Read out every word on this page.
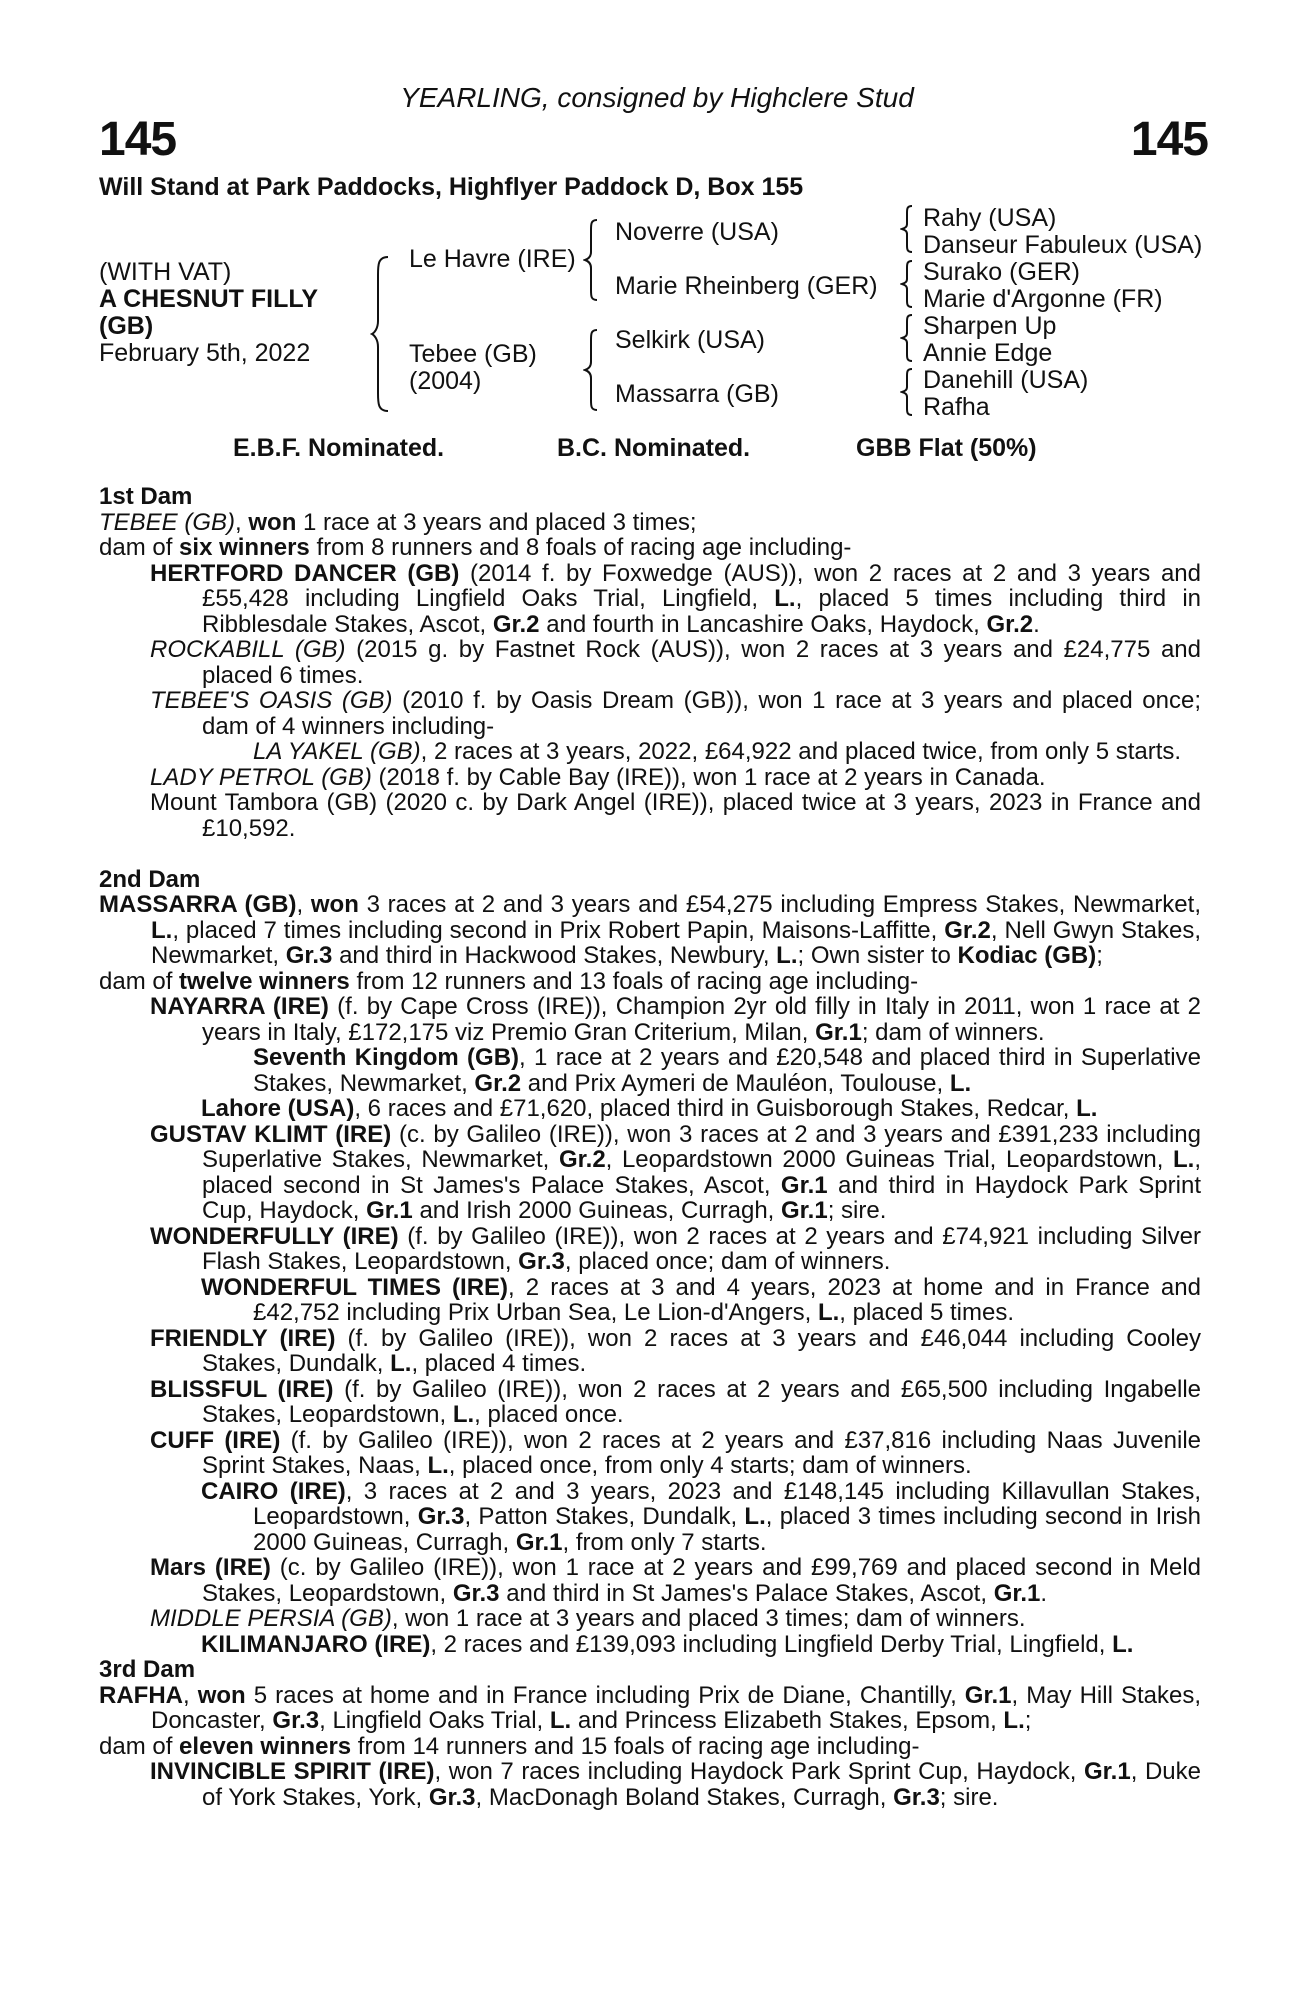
YEARLING, consigned by Highclere Stud
145	145
Will Stand at Park Paddocks, Highflyer Paddock D, Box 155
(WITH VAT)
A CHESNUT FILLY
(GB)
February 5th, 2022
Le Havre (IRE)
Tebee (GB)
(2004)
Noverre (USA)
Marie Rheinberg (GER)
Selkirk (USA)
Massarra (GB)
Rahy (USA)
Danseur Fabuleux (USA)
Surako (GER)
Marie d'Argonne (FR)
Sharpen Up
Annie Edge
Danehill (USA)
Rafha
E.B.F. Nominated.	B.C. Nominated.	GBB Flat (50%)
1st Dam

TEBEE (GB), won 1 race at 3 years and placed 3 times;

dam of six winners from 8 runners and 8 foals of racing age including-

HERTFORD DANCER (GB) (2014 f. by Foxwedge (AUS)), won 2 races at 2 and 3 years and £55,428 including Lingfield Oaks Trial, Lingfield, L., placed 5 times including third in Ribblesdale Stakes, Ascot, Gr.2 and fourth in Lancashire Oaks, Haydock, Gr.2.

ROCKABILL (GB) (2015 g. by Fastnet Rock (AUS)), won 2 races at 3 years and £24,775 and placed 6 times.

TEBEE'S OASIS (GB) (2010 f. by Oasis Dream (GB)), won 1 race at 3 years and placed once; dam of 4 winners including-

LA YAKEL (GB), 2 races at 3 years, 2022, £64,922 and placed twice, from only 5 starts.

LADY PETROL (GB) (2018 f. by Cable Bay (IRE)), won 1 race at 2 years in Canada.

Mount Tambora (GB) (2020 c. by Dark Angel (IRE)), placed twice at 3 years, 2023 in France and £10,592.

2nd Dam

MASSARRA (GB), won 3 races at 2 and 3 years and £54,275 including Empress Stakes, Newmarket, L., placed 7 times including second in Prix Robert Papin, Maisons-Laffitte, Gr.2, Nell Gwyn Stakes, Newmarket, Gr.3 and third in Hackwood Stakes, Newbury, L.; Own sister to Kodiac (GB);

dam of twelve winners from 12 runners and 13 foals of racing age including-

NAYARRA (IRE) (f. by Cape Cross (IRE)), Champion 2yr old filly in Italy in 2011, won 1 race at 2 years in Italy, £172,175 viz Premio Gran Criterium, Milan, Gr.1; dam of winners.

Seventh Kingdom (GB), 1 race at 2 years and £20,548 and placed third in Superlative Stakes, Newmarket, Gr.2 and Prix Aymeri de Mauléon, Toulouse, L.

Lahore (USA), 6 races and £71,620, placed third in Guisborough Stakes, Redcar, L.

GUSTAV KLIMT (IRE) (c. by Galileo (IRE)), won 3 races at 2 and 3 years and £391,233 including Superlative Stakes, Newmarket, Gr.2, Leopardstown 2000 Guineas Trial, Leopardstown, L., placed second in St James's Palace Stakes, Ascot, Gr.1 and third in Haydock Park Sprint Cup, Haydock, Gr.1 and Irish 2000 Guineas, Curragh, Gr.1; sire.

WONDERFULLY (IRE) (f. by Galileo (IRE)), won 2 races at 2 years and £74,921 including Silver Flash Stakes, Leopardstown, Gr.3, placed once; dam of winners.

WONDERFUL TIMES (IRE), 2 races at 3 and 4 years, 2023 at home and in France and £42,752 including Prix Urban Sea, Le Lion-d'Angers, L., placed 5 times.

FRIENDLY (IRE) (f. by Galileo (IRE)), won 2 races at 3 years and £46,044 including Cooley Stakes, Dundalk, L., placed 4 times.

BLISSFUL (IRE) (f. by Galileo (IRE)), won 2 races at 2 years and £65,500 including Ingabelle Stakes, Leopardstown, L., placed once.

CUFF (IRE) (f. by Galileo (IRE)), won 2 races at 2 years and £37,816 including Naas Juvenile Sprint Stakes, Naas, L., placed once, from only 4 starts; dam of winners.

CAIRO (IRE), 3 races at 2 and 3 years, 2023 and £148,145 including Killavullan Stakes, Leopardstown, Gr.3, Patton Stakes, Dundalk, L., placed 3 times including second in Irish 2000 Guineas, Curragh, Gr.1, from only 7 starts.

Mars (IRE) (c. by Galileo (IRE)), won 1 race at 2 years and £99,769 and placed second in Meld Stakes, Leopardstown, Gr.3 and third in St James's Palace Stakes, Ascot, Gr.1.

MIDDLE PERSIA (GB), won 1 race at 3 years and placed 3 times; dam of winners.

KILIMANJARO (IRE), 2 races and £139,093 including Lingfield Derby Trial, Lingfield, L.

3rd Dam

RAFHA, won 5 races at home and in France including Prix de Diane, Chantilly, Gr.1, May Hill Stakes, Doncaster, Gr.3, Lingfield Oaks Trial, L. and Princess Elizabeth Stakes, Epsom, L.;

dam of eleven winners from 14 runners and 15 foals of racing age including-

INVINCIBLE SPIRIT (IRE), won 7 races including Haydock Park Sprint Cup, Haydock, Gr.1, Duke of York Stakes, York, Gr.3, MacDonagh Boland Stakes, Curragh, Gr.3; sire.
